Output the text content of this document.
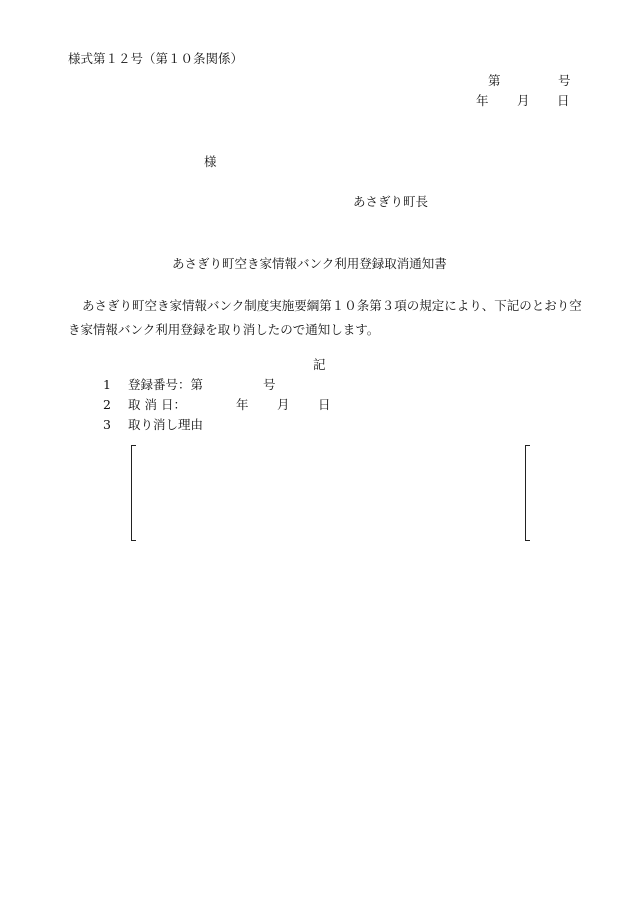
様式第１２号（第１０条関係）
第	号
年 月 日
様
あさぎり町長
あさぎり町空き家情報バンク利用登録取消通知書
あさぎり町空き家情報バンク制度実施要綱第１０条第３項の規定により、下記のとおり空き家情報バンク利用登録を取り消したので通知します。
記
1 登録番号：第	号
2 取 消 日：	年 月 日
3 取り消し理由
